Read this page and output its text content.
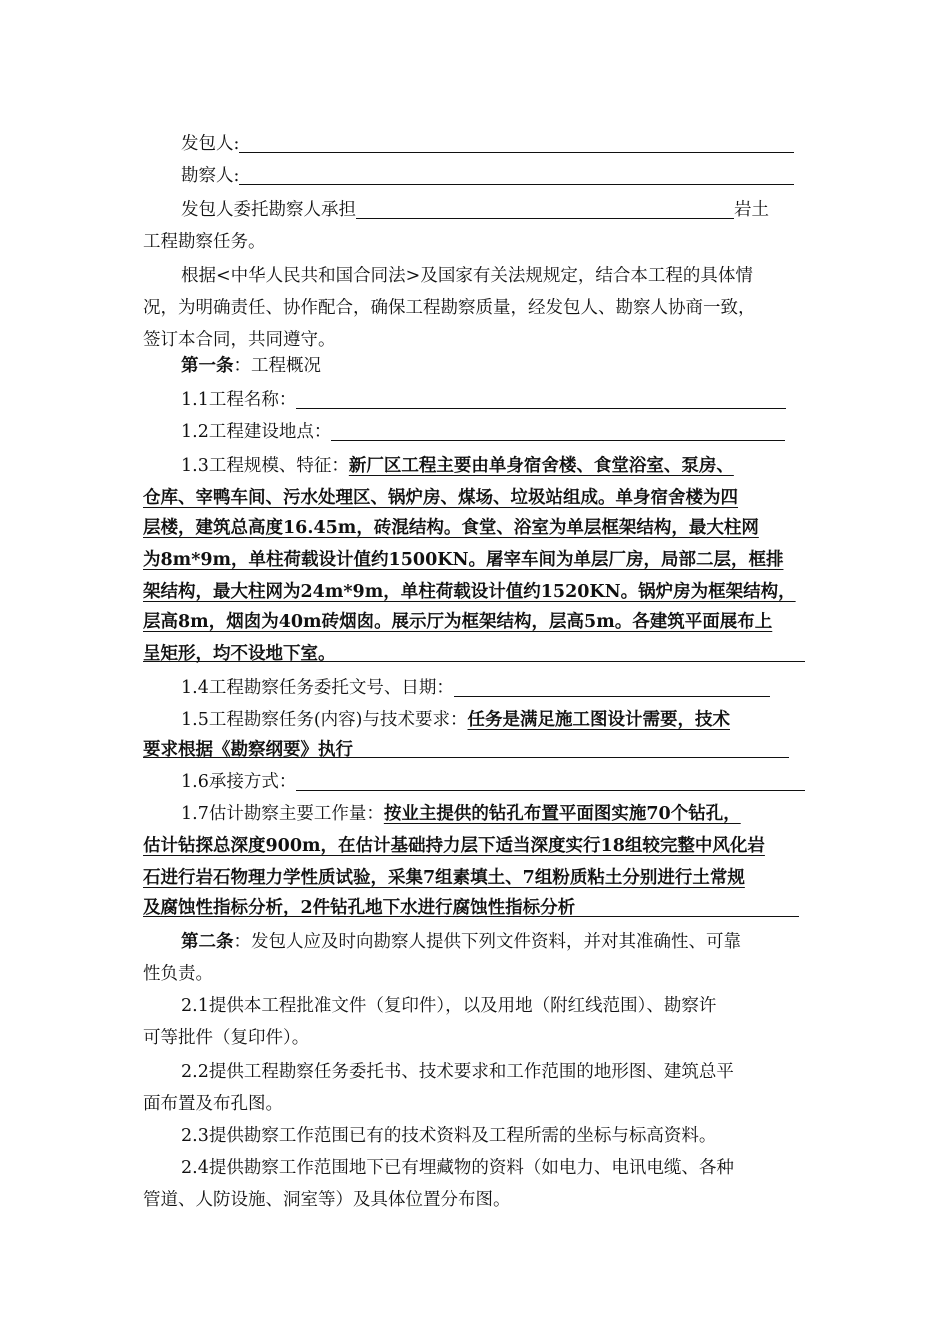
发包人:
勘察人:
发包人委托勘察人承担	岩土
工程勘察任务。
根据<中华人民共和国合同法>及国家有关法规规定，结合本工程的具体情
况，为明确责任、协作配合，确保工程勘察质量，经发包人、勘察人协商一致，
签订本合同，共同遵守。
第一条：工程概况
1.1工程名称：
1.2工程建设地点：
1.3工程规模、特征：新厂区工程主要由单身宿舍楼、食堂浴室、泵房、
仓库、宰鸭车间、污水处理区、锅炉房、煤场、垃圾站组成。单身宿舍楼为四
层楼，建筑总高度16.45m，砖混结构。食堂、浴室为单层框架结构，最大柱网
为8m*9m，单柱荷载设计值约1500KN。屠宰车间为单层厂房，局部二层，框排
架结构，最大柱网为24m*9m，单柱荷载设计值约1520KN。锅炉房为框架结构，
层高8m，烟囱为40m砖烟囱。展示厅为框架结构，层高5m。各建筑平面展布上
呈矩形，均不设地下室。
1.4工程勘察任务委托文号、日期：
1.5工程勘察任务(内容)与技术要求：任务是满足施工图设计需要，技术
要求根据《勘察纲要》执行
1.6承接方式：
1.7估计勘察主要工作量：按业主提供的钻孔布置平面图实施70个钻孔，
估计钻探总深度900m，在估计基础持力层下适当深度实行18组较完整中风化岩
石进行岩石物理力学性质试验，采集7组素填土、7组粉质粘土分别进行土常规
及腐蚀性指标分析，2件钻孔地下水进行腐蚀性指标分析
第二条：发包人应及时向勘察人提供下列文件资料，并对其准确性、可靠
性负责。
2.1提供本工程批准文件（复印件），以及用地（附红线范围）、勘察许
可等批件（复印件）。
2.2提供工程勘察任务委托书、技术要求和工作范围的地形图、建筑总平
面布置及布孔图。
2.3提供勘察工作范围已有的技术资料及工程所需的坐标与标高资料。
2.4提供勘察工作范围地下已有埋藏物的资料（如电力、电讯电缆、各种
管道、人防设施、洞室等）及具体位置分布图。
